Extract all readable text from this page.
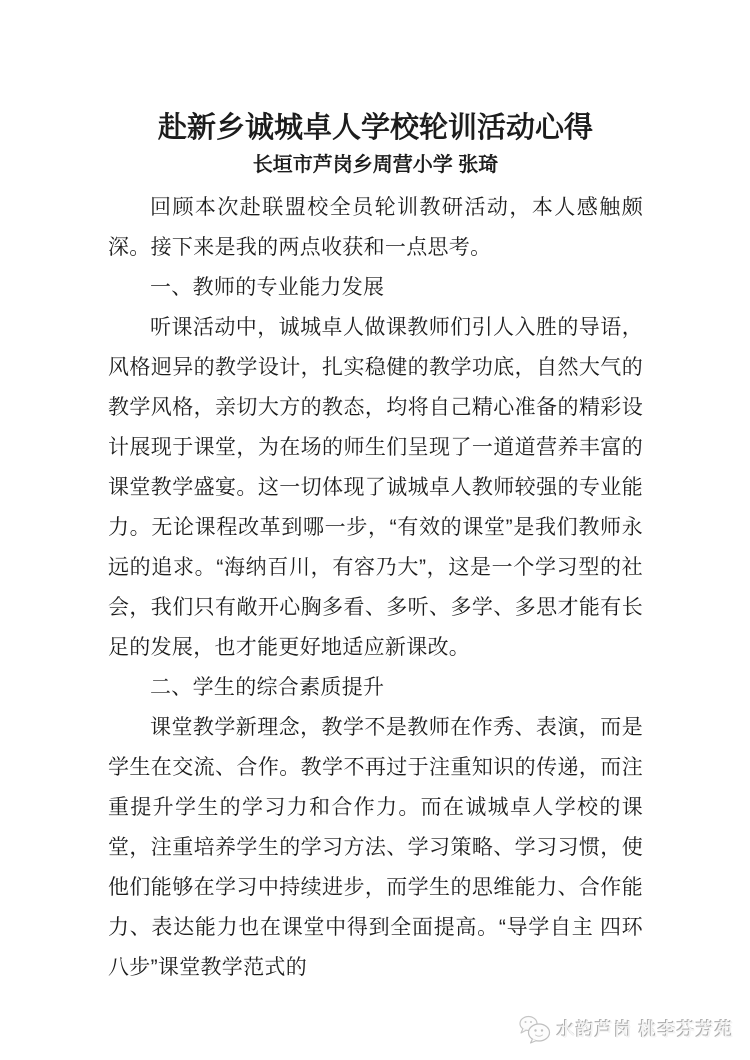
赴新乡诚城卓人学校轮训活动心得
长垣市芦岗乡周营小学 张琦

回顾本次赴联盟校全员轮训教研活动，本人感触颇深。接下来是我的两点收获和一点思考。

一、教师的专业能力发展

听课活动中，诚城卓人做课教师们引人入胜的导语，风格迥异的教学设计，扎实稳健的教学功底，自然大气的教学风格，亲切大方的教态，均将自己精心准备的精彩设计展现于课堂，为在场的师生们呈现了一道道营养丰富的课堂教学盛宴。这一切体现了诚城卓人教师较强的专业能力。无论课程改革到哪一步，“有效的课堂”是我们教师永远的追求。“海纳百川，有容乃大”，这是一个学习型的社会，我们只有敞开心胸多看、多听、多学、多思才能有长足的发展，也才能更好地适应新课改。

二、学生的综合素质提升

课堂教学新理念，教学不是教师在作秀、表演，而是学生在交流、合作。教学不再过于注重知识的传递，而注重提升学生的学习力和合作力。而在诚城卓人学校的课堂，注重培养学生的学习方法、学习策略、学习习惯，使他们能够在学习中持续进步，而学生的思维能力、合作能力、表达能力也在课堂中得到全面提高。“导学自主 四环八步”课堂教学范式的

水韵芦岗 桃李芬芳苑
